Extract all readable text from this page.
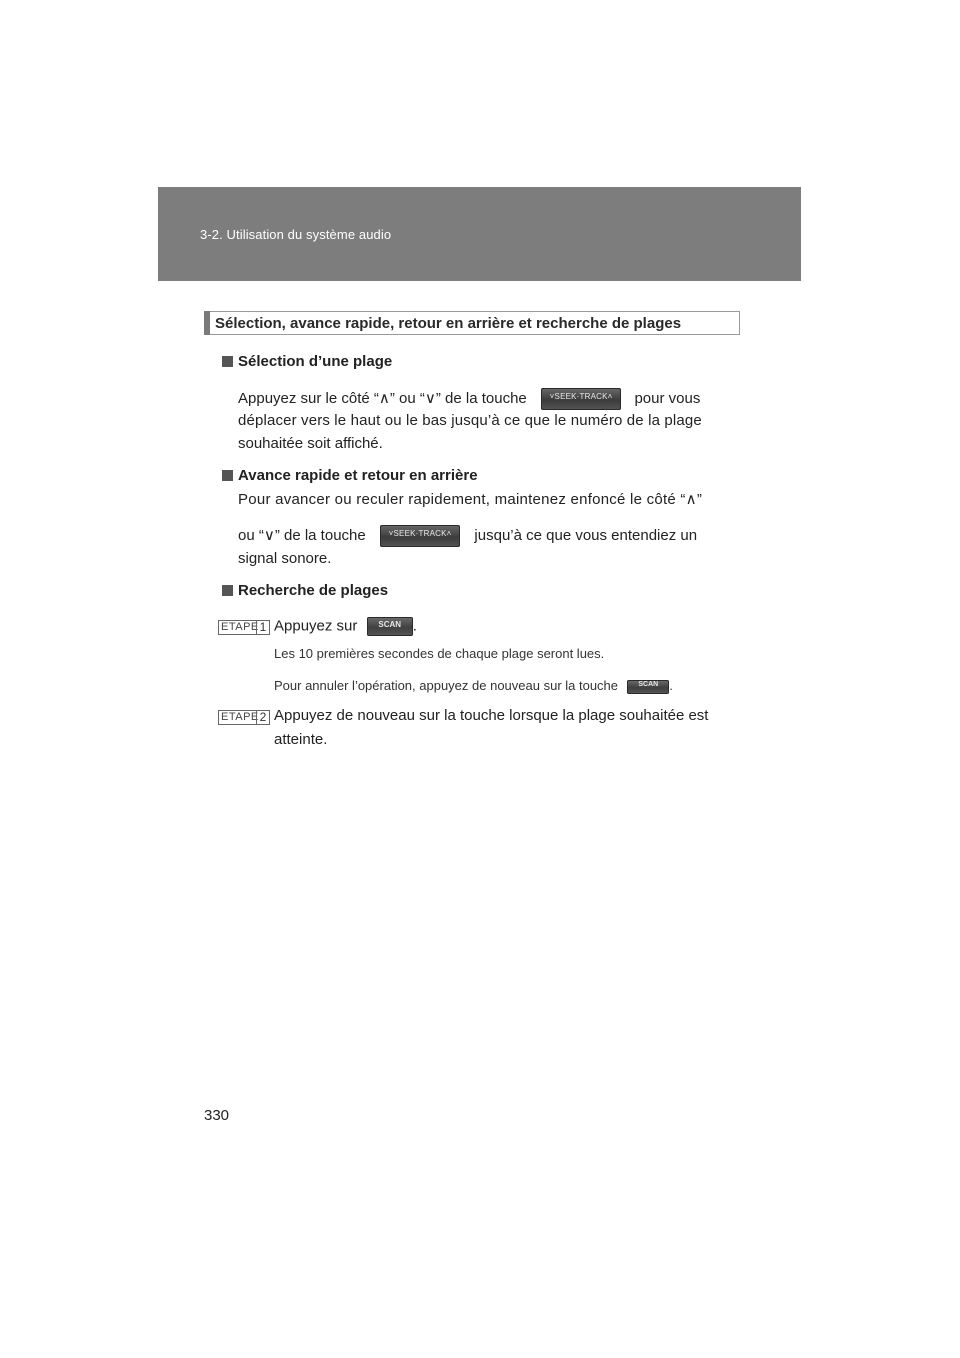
3-2. Utilisation du système audio
Sélection, avance rapide, retour en arrière et recherche de plages
Sélection d’une plage
Appuyez sur le côté “∧” ou “∨” de la touche	˅SEEK·TRACK˄	pour vous
déplacer vers le haut ou le bas jusqu’à ce que le numéro de la plage
souhaitée soit affiché.
Avance rapide et retour en arrière
Pour avancer ou reculer rapidement, maintenez enfoncé le côté “∧”
ou “∨” de la touche	˅SEEK·TRACK˄	jusqu’à ce que vous entendiez un
signal sonore.
Recherche de plages
ETAPE 1 Appuyez sur	SCAN .
Les 10 premières secondes de chaque plage seront lues.
Pour annuler l’opération, appuyez de nouveau sur la touche	SCAN .
ETAPE 2 Appuyez de nouveau sur la touche lorsque la plage souhaitée est
atteinte.
330
